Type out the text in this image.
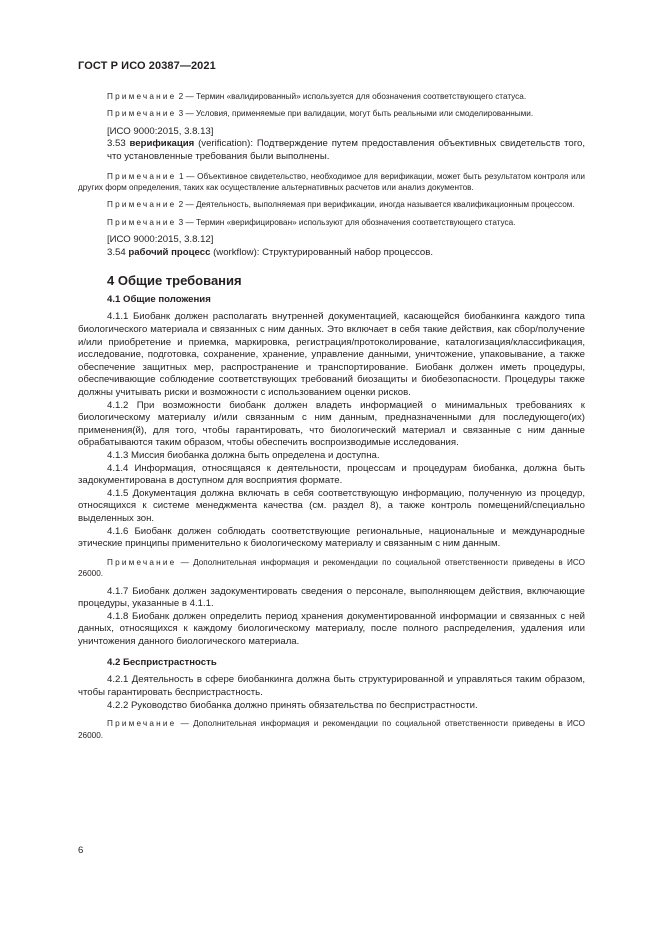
ГОСТ Р ИСО 20387—2021

Примечание 2 — Термин «валидированный» используется для обозначения соответствующего статуса.

Примечание 3 — Условия, применяемые при валидации, могут быть реальными или смоделированными.

[ИСО 9000:2015, 3.8.13]

3.53 верификация (verification): Подтверждение путем предоставления объективных свидетельств того, что установленные требования были выполнены.

Примечание 1 — Объективное свидетельство, необходимое для верификации, может быть результатом контроля или других форм определения, таких как осуществление альтернативных расчетов или анализ документов.

Примечание 2 — Деятельность, выполняемая при верификации, иногда называется квалификационным процессом.

Примечание 3 — Термин «верифицирован» используют для обозначения соответствующего статуса.

[ИСО 9000:2015, 3.8.12]

3.54 рабочий процесс (workflow): Структурированный набор процессов.

4 Общие требования
4.1 Общие положения

4.1.1 Биобанк должен располагать внутренней документацией, касающейся биобанкинга каждого типа биологического материала и связанных с ним данных. Это включает в себя такие действия, как сбор/получение и/или приобретение и приемка, маркировка, регистрация/протоколирование, каталогизация/классификация, исследование, подготовка, сохранение, хранение, управление данными, уничтожение, упаковывание, а также обеспечение защитных мер, распространение и транспортирование. Биобанк должен иметь процедуры, обеспечивающие соблюдение соответствующих требований биозащиты и биобезопасности. Процедуры также должны учитывать риски и возможности с использованием оценки рисков.

4.1.2 При возможности биобанк должен владеть информацией о минимальных требованиях к биологическому материалу и/или связанным с ним данным, предназначенными для последующего(их) применения(й), для того, чтобы гарантировать, что биологический материал и связанные с ним данные обрабатываются таким образом, чтобы обеспечить воспроизводимые исследования.

4.1.3 Миссия биобанка должна быть определена и доступна.

4.1.4 Информация, относящаяся к деятельности, процессам и процедурам биобанка, должна быть задокументирована в доступном для восприятия формате.

4.1.5 Документация должна включать в себя соответствующую информацию, полученную из процедур, относящихся к системе менеджмента качества (см. раздел 8), а также контроль помещений/специально выделенных зон.

4.1.6 Биобанк должен соблюдать соответствующие региональные, национальные и международные этические принципы применительно к биологическому материалу и связанным с ним данным.

Примечание — Дополнительная информация и рекомендации по социальной ответственности приведены в ИСО 26000.

4.1.7 Биобанк должен задокументировать сведения о персонале, выполняющем действия, включающие процедуры, указанные в 4.1.1.

4.1.8 Биобанк должен определить период хранения документированной информации и связанных с ней данных, относящихся к каждому биологическому материалу, после полного распределения, удаления или уничтожения данного биологического материала.

4.2 Беспристрастность

4.2.1 Деятельность в сфере биобанкинга должна быть структурированной и управляться таким образом, чтобы гарантировать беспристрастность.

4.2.2 Руководство биобанка должно принять обязательства по беспристрастности.

Примечание — Дополнительная информация и рекомендации по социальной ответственности приведены в ИСО 26000.

6
